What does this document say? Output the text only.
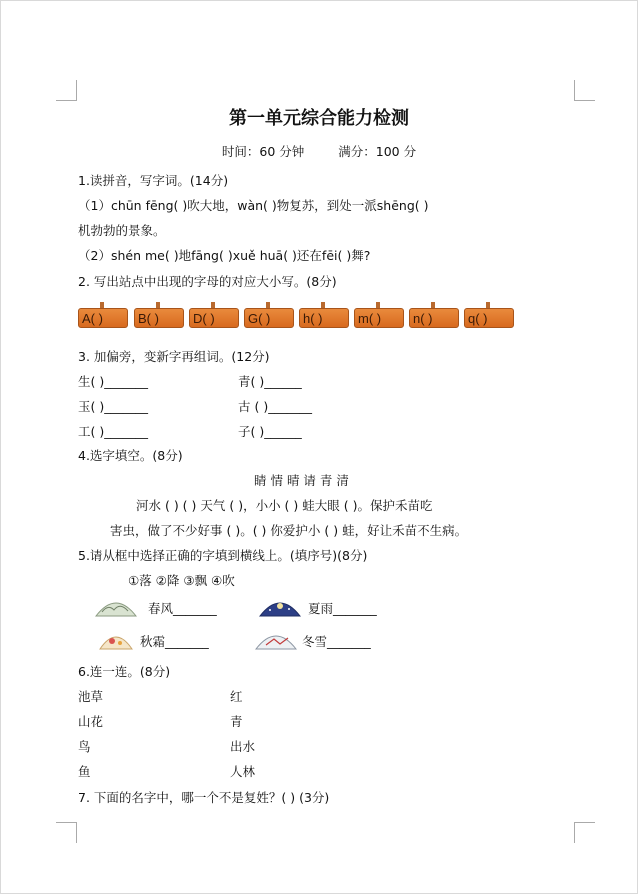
第一单元综合能力检测
时间：60 分钟	满分：100 分
1.读拼音，写字词。(14分)
（1）chūn fēng( )吹大地，wàn( )物复苏，到处一派shēng( )
机勃勃的景象。
（2）shén me( )地fāng( )xuě huā( )还在fēi( )舞?
2. 写出站点中出现的字母的对应大小写。(8分)
A( )	B( )	D( )	G( )	h( )	m( ) n( )	q( )
3. 加偏旁，变新字再组词。(12分)
生( )_______	青( )______
玉( )_______	古 ( )_______
工( )_______	子( )______
4.选字填空。(8分)
睛 情 晴 请 青 清
河水 ( ) ( ) 天气 ( )，小小 ( ) 蛙大眼 ( )。保护禾苗吃
害虫，做了不少好事 ( )。( ) 你爱护小 ( ) 蛙，好让禾苗不生病。
5.请从框中选择正确的字填到横线上。(填序号)(8分)
①落 ②降 ③飘 ④吹
春风_______	夏雨_______
秋霜_______	冬雪_______
6.连一连。(8分)
池草	红
山花	青
鸟	出水
鱼	人林
7. 下面的名字中，哪一个不是复姓？( ) (3分)
